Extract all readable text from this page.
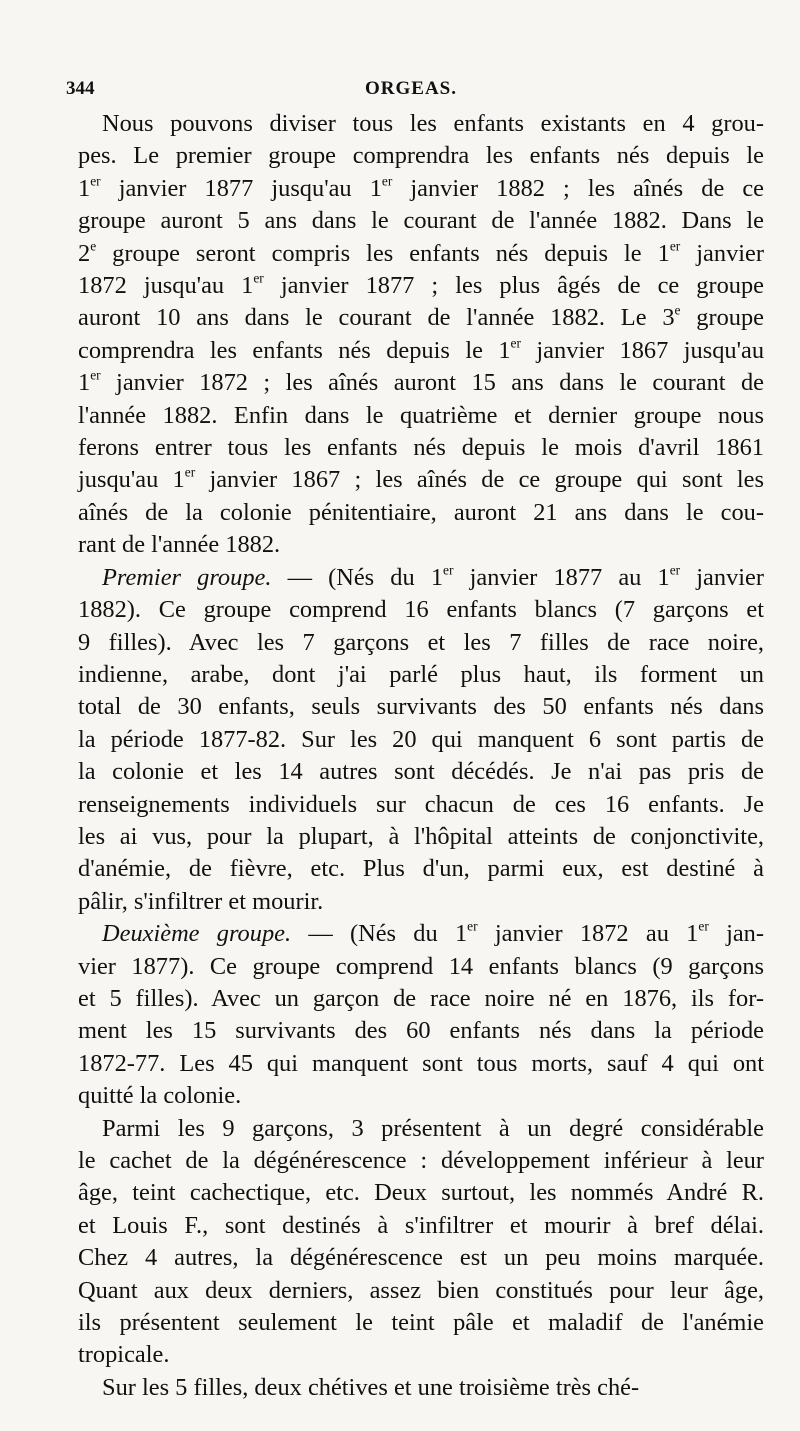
344	ORGEAS.

Nous pouvons diviser tous les enfants existants en 4 grou-
pes. Le premier groupe comprendra les enfants nés depuis le
1er janvier 1877 jusqu'au 1er janvier 1882 ; les aînés de ce
groupe auront 5 ans dans le courant de l'année 1882. Dans le
2e groupe seront compris les enfants nés depuis le 1er janvier
1872 jusqu'au 1er janvier 1877 ; les plus âgés de ce groupe
auront 10 ans dans le courant de l'année 1882. Le 3e groupe
comprendra les enfants nés depuis le 1er janvier 1867 jusqu'au
1er janvier 1872 ; les aînés auront 15 ans dans le courant de
l'année 1882. Enfin dans le quatrième et dernier groupe nous
ferons entrer tous les enfants nés depuis le mois d'avril 1861
jusqu'au 1er janvier 1867 ; les aînés de ce groupe qui sont les
aînés de la colonie pénitentiaire, auront 21 ans dans le cou-
rant de l'année 1882.

Premier groupe. — (Nés du 1er janvier 1877 au 1er janvier
1882). Ce groupe comprend 16 enfants blancs (7 garçons et
9 filles). Avec les 7 garçons et les 7 filles de race noire,
indienne, arabe, dont j'ai parlé plus haut, ils forment un
total de 30 enfants, seuls survivants des 50 enfants nés dans
la période 1877-82. Sur les 20 qui manquent 6 sont partis de
la colonie et les 14 autres sont décédés. Je n'ai pas pris de
renseignements individuels sur chacun de ces 16 enfants. Je
les ai vus, pour la plupart, à l'hôpital atteints de conjonctivite,
d'anémie, de fièvre, etc. Plus d'un, parmi eux, est destiné à
pâlir, s'infiltrer et mourir.

Deuxième groupe. — (Nés du 1er janvier 1872 au 1er jan-
vier 1877). Ce groupe comprend 14 enfants blancs (9 garçons
et 5 filles). Avec un garçon de race noire né en 1876, ils for-
ment les 15 survivants des 60 enfants nés dans la période
1872-77. Les 45 qui manquent sont tous morts, sauf 4 qui ont
quitté la colonie.

Parmi les 9 garçons, 3 présentent à un degré considérable
le cachet de la dégénérescence : développement inférieur à leur
âge, teint cachectique, etc. Deux surtout, les nommés André R.
et Louis F., sont destinés à s'infiltrer et mourir à bref délai.
Chez 4 autres, la dégénérescence est un peu moins marquée.
Quant aux deux derniers, assez bien constitués pour leur âge,
ils présentent seulement le teint pâle et maladif de l'anémie
tropicale.

Sur les 5 filles, deux chétives et une troisième très ché-
